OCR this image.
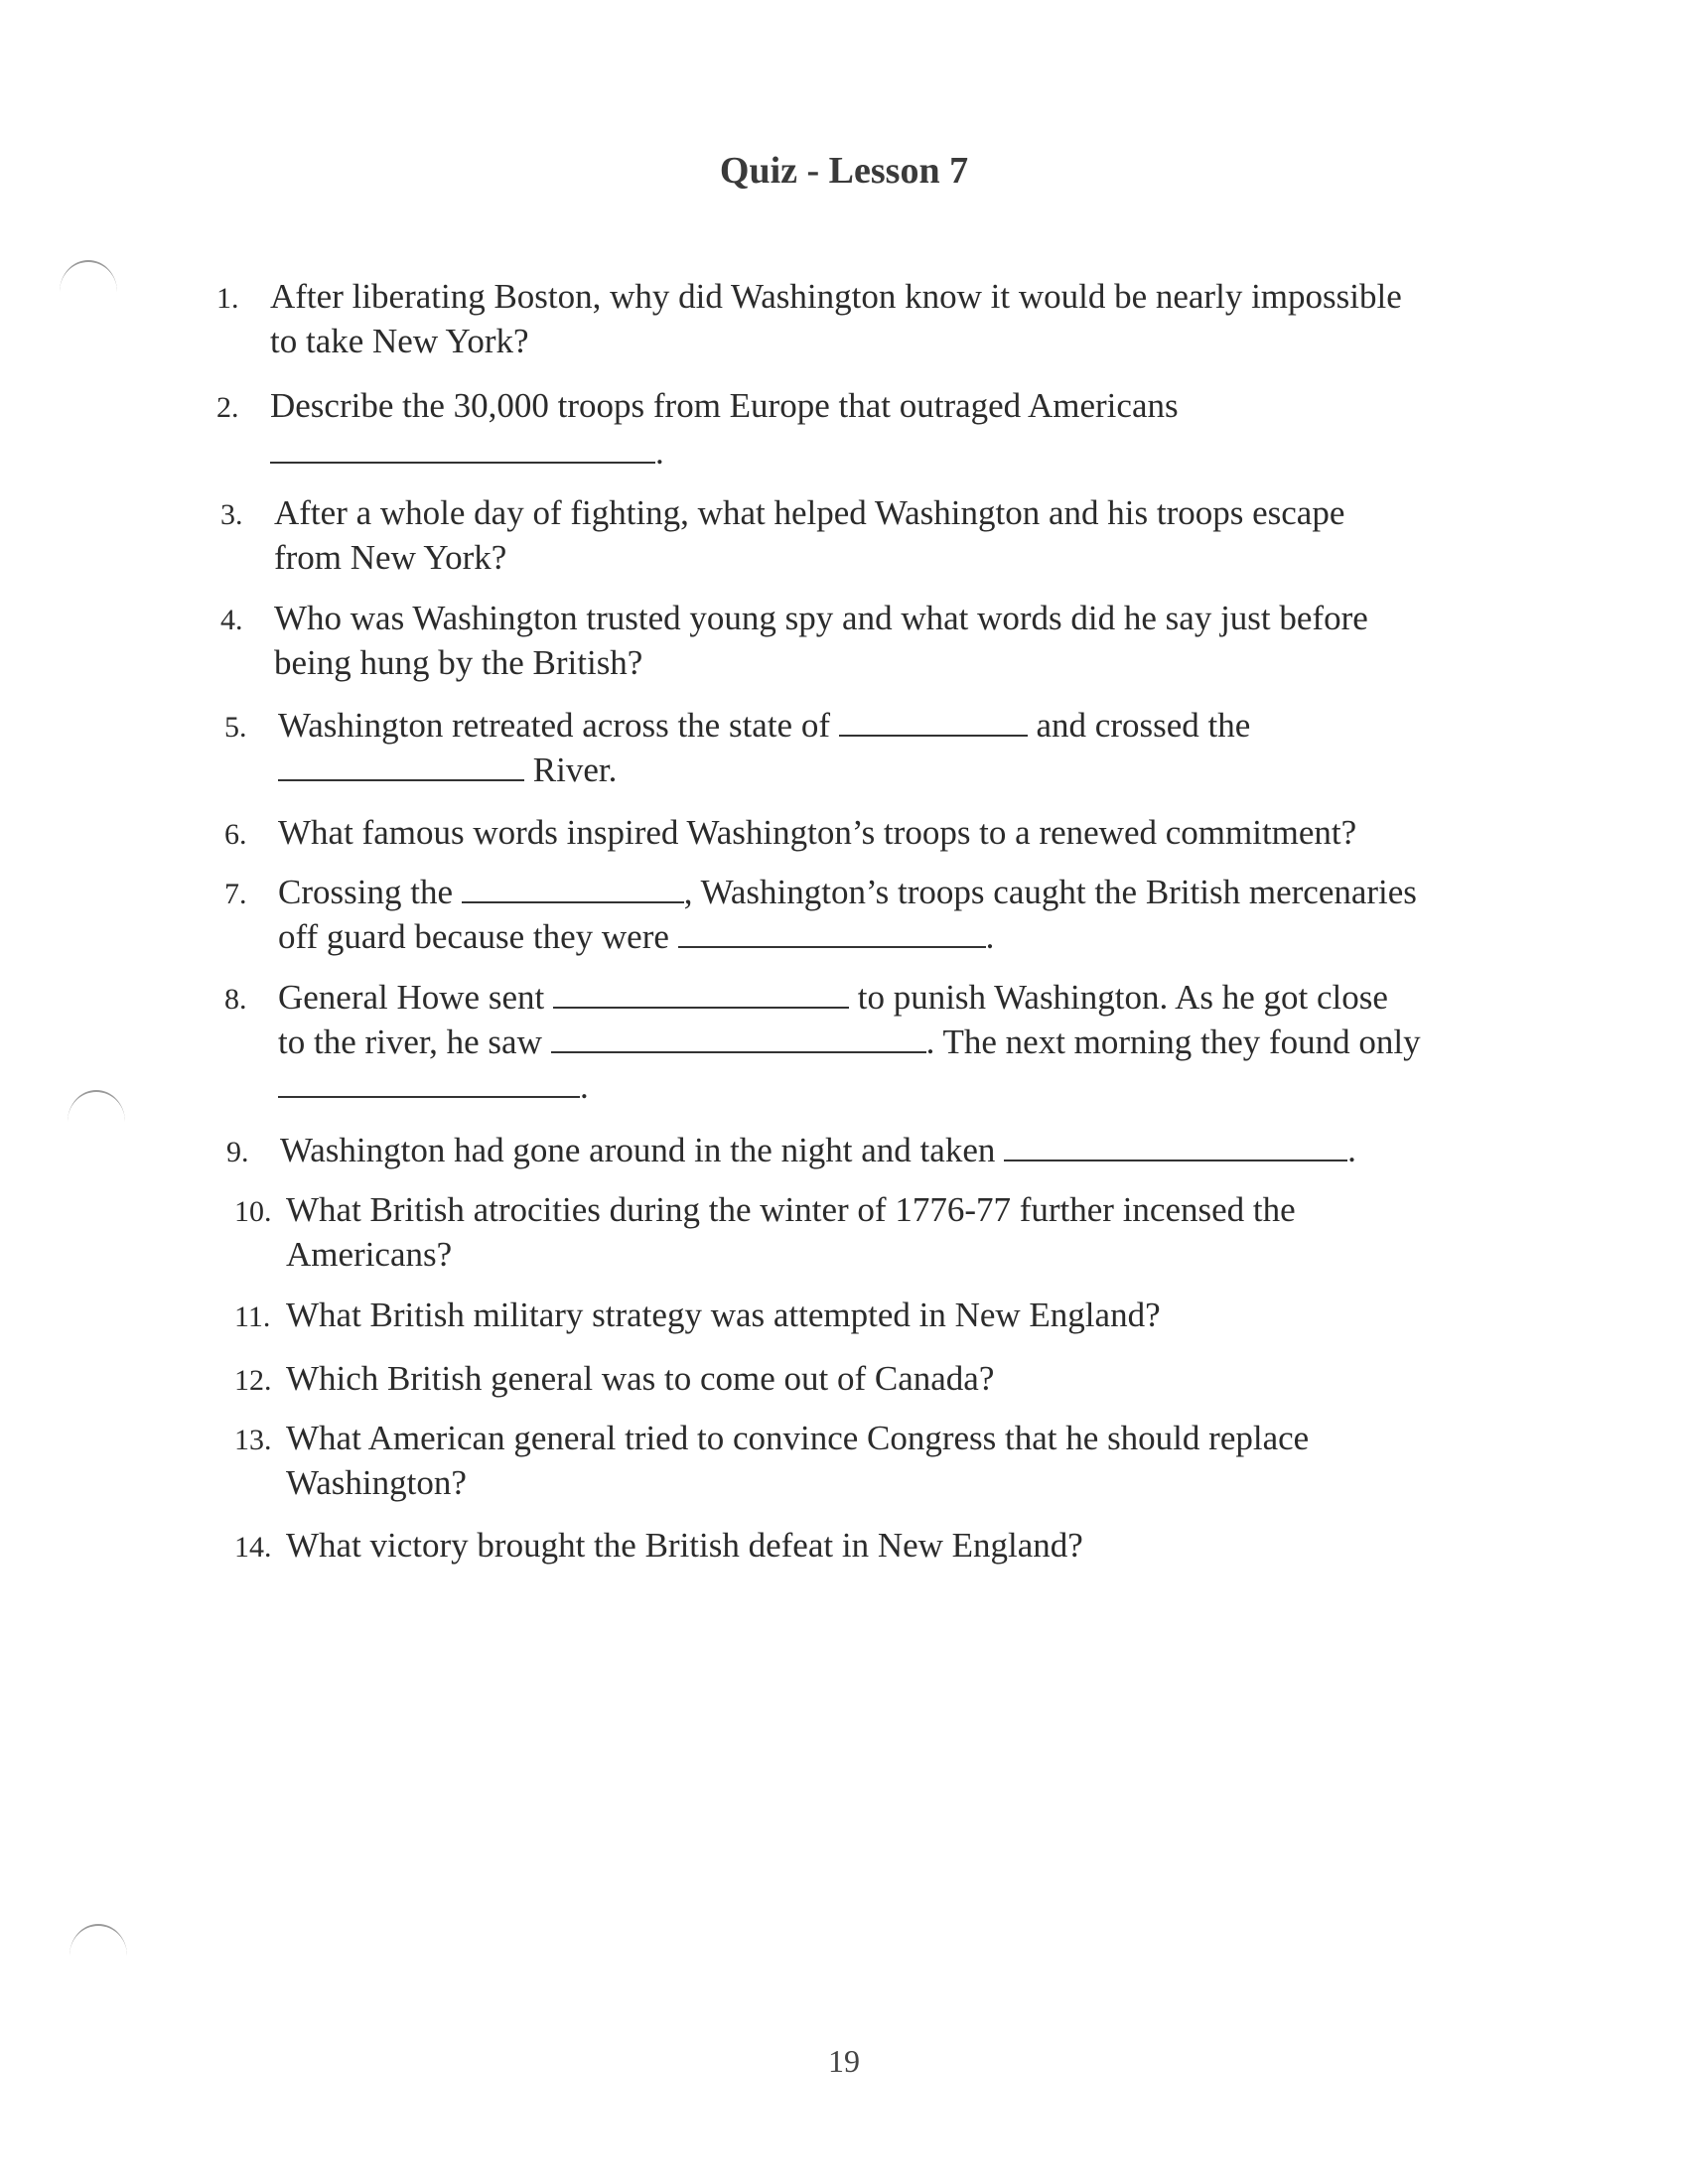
Quiz - Lesson 7
1. After liberating Boston, why did Washington know it would be nearly impossible
to take New York?
2. Describe the 30,000 troops from Europe that outraged Americans
.
3. After a whole day of fighting, what helped Washington and his troops escape
from New York?
4. Who was Washington trusted young spy and what words did he say just before
being hung by the British?
5. Washington retreated across the state of	and crossed the
River.
6. What famous words inspired Washington’s troops to a renewed commitment?
7. Crossing the	, Washington’s troops caught the British mercenaries
off guard because they were	.
8. General Howe sent	to punish Washington. As he got close
to the river, he saw	. The next morning they found only
.
9. Washington had gone around in the night and taken	.
10. What British atrocities during the winter of 1776-77 further incensed the
Americans?
11. What British military strategy was attempted in New England?
12. Which British general was to come out of Canada?
13. What American general tried to convince Congress that he should replace
Washington?
14. What victory brought the British defeat in New England?
19
